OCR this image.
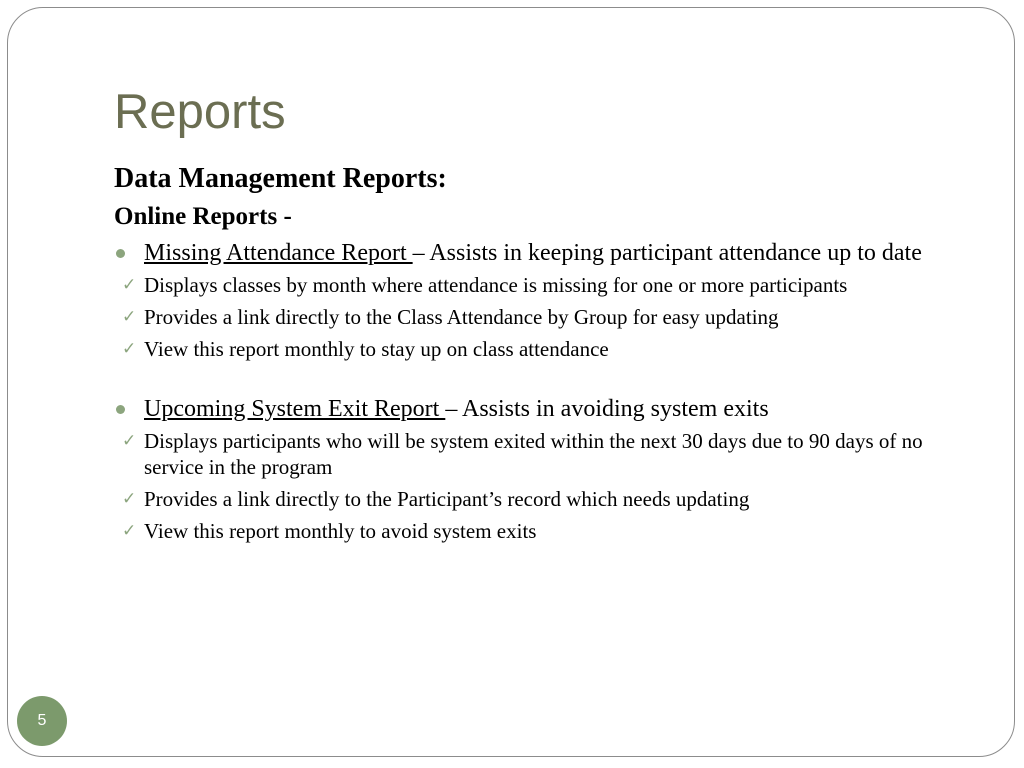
Reports
Data Management Reports:
Online Reports -
Missing Attendance Report – Assists in keeping participant attendance up to date
✓ Displays classes by month where attendance is missing for one or more participants
✓ Provides a link directly to the Class Attendance by Group for easy updating
✓ View this report monthly to stay up on class attendance
Upcoming System Exit Report – Assists in avoiding system exits
✓ Displays participants who will be system exited within the next 30 days due to 90 days of no service in the program
✓ Provides a link directly to the Participant’s record which needs updating
✓ View this report monthly to avoid system exits
5
